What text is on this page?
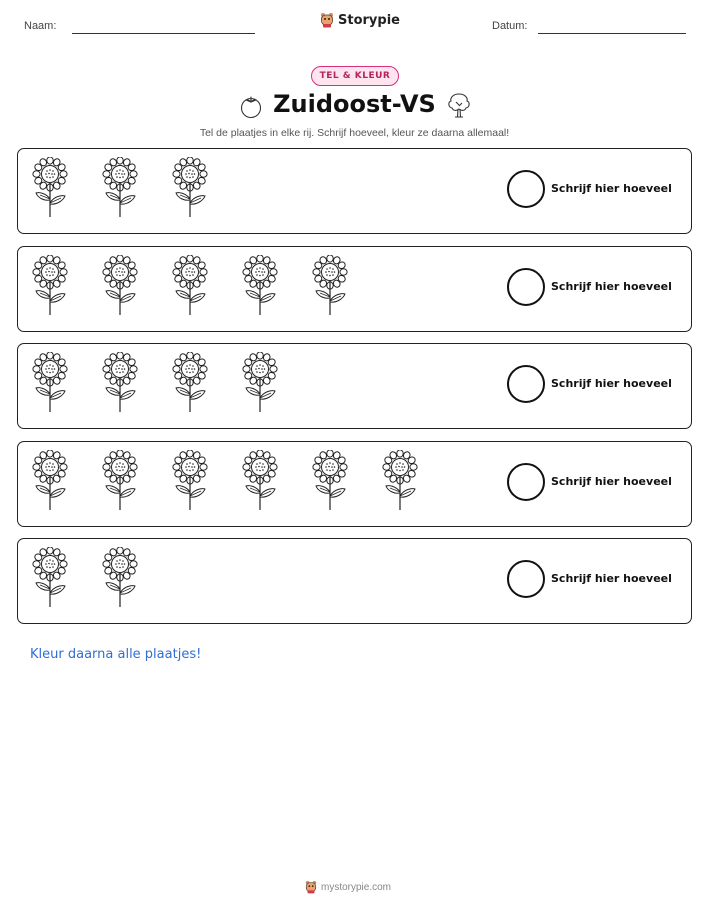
Naam:	Storypie	Datum:
TEL & KLEUR
Zuidoost-VS
Tel de plaatjes in elke rij. Schrijf hoeveel, kleur ze daarna allemaal!
Schrijf hier hoeveel
Schrijf hier hoeveel
Schrijf hier hoeveel
Schrijf hier hoeveel
Schrijf hier hoeveel
Kleur daarna alle plaatjes!
mystorypie.com
